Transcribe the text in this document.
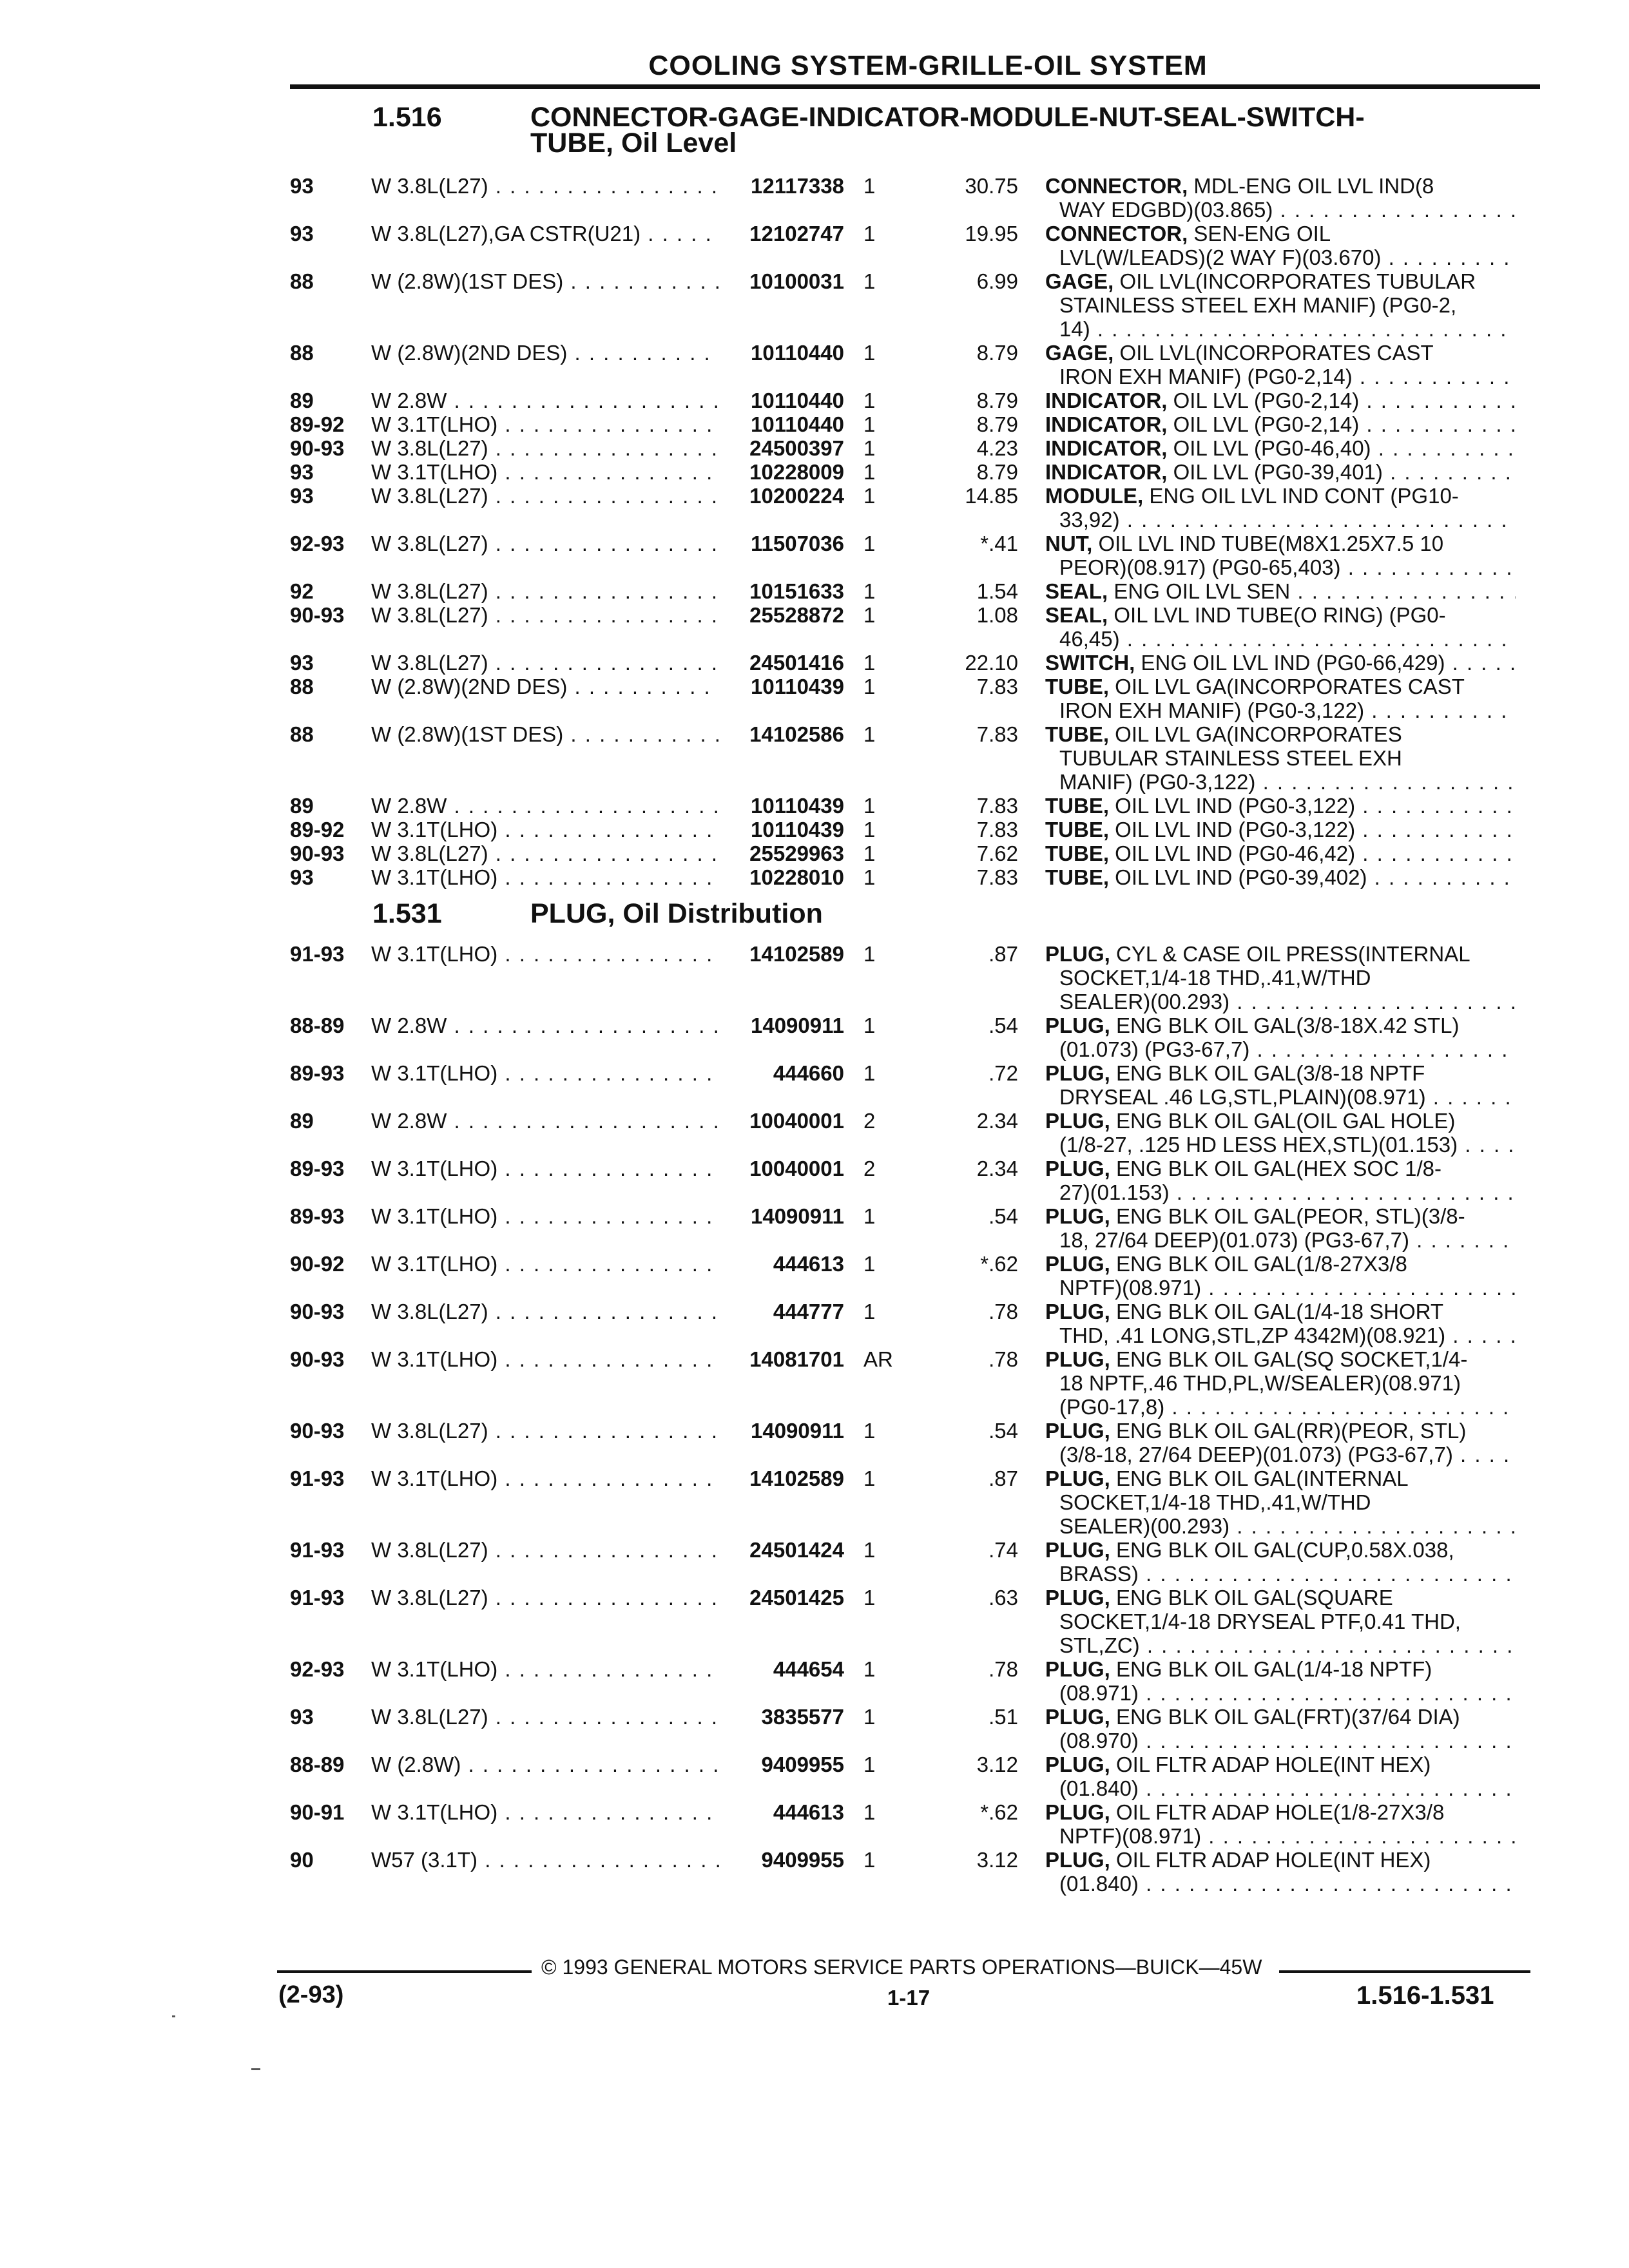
COOLING SYSTEM-GRILLE-OIL SYSTEM
1.516	CONNECTOR-GAGE-INDICATOR-MODULE-NUT-SEAL-SWITCH-
TUBE, Oil Level
1.531	PLUG, Oil Distribution
93	W 3.8L(L27) . . .	12117338 1	30.75 CONNECTOR, MDL-ENG OIL LVL IND(8
WAY EDGBD)(03.865) . . .
93	W 3.8L(L27),GA CSTR(U21) . . .	12102747 1	19.95 CONNECTOR, SEN-ENG OIL
LVL(W/LEADS)(2 WAY F)(03.670) . . .
88	W (2.8W)(1ST DES) . . .	10100031 1	6.99 GAGE, OIL LVL(INCORPORATES TUBULAR
STAINLESS STEEL EXH MANIF) (PG0-2,
14) . . .
88	W (2.8W)(2ND DES) . . .	10110440 1	8.79 GAGE, OIL LVL(INCORPORATES CAST
IRON EXH MANIF) (PG0-2,14) . . .
89	W 2.8W . . .	10110440 1	8.79 INDICATOR, OIL LVL (PG0-2,14) . . .
89-92 W 3.1T(LHO) . . .	10110440 1	8.79 INDICATOR, OIL LVL (PG0-2,14) . . .
90-93 W 3.8L(L27) . . .	24500397 1	4.23 INDICATOR, OIL LVL (PG0-46,40) . . .
93	W 3.1T(LHO) . . .	10228009 1	8.79 INDICATOR, OIL LVL (PG0-39,401) . . .
93	W 3.8L(L27) . . .	10200224 1	14.85 MODULE, ENG OIL LVL IND CONT (PG10-
33,92) . . .
92-93 W 3.8L(L27) . . .	11507036 1	*.41 NUT, OIL LVL IND TUBE(M8X1.25X7.5 10
PEOR)(08.917) (PG0-65,403) . . .
92	W 3.8L(L27) . . .	10151633 1	1.54 SEAL, ENG OIL LVL SEN . . .
90-93 W 3.8L(L27) . . .	25528872 1	1.08 SEAL, OIL LVL IND TUBE(O RING) (PG0-
46,45) . . .
93	W 3.8L(L27) . . .	24501416 1	22.10 SWITCH, ENG OIL LVL IND (PG0-66,429) . . .
88	W (2.8W)(2ND DES) . . .	10110439 1	7.83 TUBE, OIL LVL GA(INCORPORATES CAST
IRON EXH MANIF) (PG0-3,122) . . .
88	W (2.8W)(1ST DES) . . .	14102586 1	7.83 TUBE, OIL LVL GA(INCORPORATES
TUBULAR STAINLESS STEEL EXH
MANIF) (PG0-3,122) . . .
89	W 2.8W . . .	10110439 1	7.83 TUBE, OIL LVL IND (PG0-3,122) . . .
89-92 W 3.1T(LHO) . . .	10110439 1	7.83 TUBE, OIL LVL IND (PG0-3,122) . . .
90-93 W 3.8L(L27) . . .	25529963 1	7.62 TUBE, OIL LVL IND (PG0-46,42) . . .
93	W 3.1T(LHO) . . .	10228010 1	7.83 TUBE, OIL LVL IND (PG0-39,402) . . .
91-93 W 3.1T(LHO) . . .	14102589 1	.87 PLUG, CYL & CASE OIL PRESS(INTERNAL
SOCKET,1/4-18 THD,.41,W/THD
SEALER)(00.293) . . .
88-89 W 2.8W . . .	14090911 1	.54 PLUG, ENG BLK OIL GAL(3/8-18X.42 STL)
(01.073) (PG3-67,7) . . .
89-93 W 3.1T(LHO) . . .	444660 1	.72 PLUG, ENG BLK OIL GAL(3/8-18 NPTF
DRYSEAL .46 LG,STL,PLAIN)(08.971) . . .
89	W 2.8W . . .	10040001 2	2.34 PLUG, ENG BLK OIL GAL(OIL GAL HOLE)
(1/8-27, .125 HD LESS HEX,STL)(01.153) . . .
89-93 W 3.1T(LHO) . . .	10040001 2	2.34 PLUG, ENG BLK OIL GAL(HEX SOC 1/8-
27)(01.153) . . .
89-93 W 3.1T(LHO) . . .	14090911 1	.54 PLUG, ENG BLK OIL GAL(PEOR, STL)(3/8-
18, 27/64 DEEP)(01.073) (PG3-67,7) . . .
90-92 W 3.1T(LHO) . . .	444613 1	*.62 PLUG, ENG BLK OIL GAL(1/8-27X3/8
NPTF)(08.971) . . .
90-93 W 3.8L(L27) . . .	444777 1	.78 PLUG, ENG BLK OIL GAL(1/4-18 SHORT
THD, .41 LONG,STL,ZP 4342M)(08.921) . . .
90-93 W 3.1T(LHO) . . .	14081701 AR	.78 PLUG, ENG BLK OIL GAL(SQ SOCKET,1/4-
18 NPTF,.46 THD,PL,W/SEALER)(08.971)
(PG0-17,8) . . .
90-93 W 3.8L(L27) . . .	14090911 1	.54 PLUG, ENG BLK OIL GAL(RR)(PEOR, STL)
(3/8-18, 27/64 DEEP)(01.073) (PG3-67,7) . . .
91-93 W 3.1T(LHO) . . .	14102589 1	.87 PLUG, ENG BLK OIL GAL(INTERNAL
SOCKET,1/4-18 THD,.41,W/THD
SEALER)(00.293) . . .
91-93 W 3.8L(L27) . . .	24501424 1	.74 PLUG, ENG BLK OIL GAL(CUP,0.58X.038,
BRASS) . . .
91-93 W 3.8L(L27) . . .	24501425 1	.63 PLUG, ENG BLK OIL GAL(SQUARE
SOCKET,1/4-18 DRYSEAL PTF,0.41 THD,
STL,ZC) . . .
92-93 W 3.1T(LHO) . . .	444654 1	.78 PLUG, ENG BLK OIL GAL(1/4-18 NPTF)
(08.971) . . .
93	W 3.8L(L27) . . .	3835577 1	.51 PLUG, ENG BLK OIL GAL(FRT)(37/64 DIA)
(08.970) . . .
88-89 W (2.8W) . . .	9409955 1	3.12 PLUG, OIL FLTR ADAP HOLE(INT HEX)
(01.840) . . .
90-91 W 3.1T(LHO) . . .	444613 1	*.62 PLUG, OIL FLTR ADAP HOLE(1/8-27X3/8
NPTF)(08.971) . . .
90	W57 (3.1T) . . .	9409955 1	3.12 PLUG, OIL FLTR ADAP HOLE(INT HEX)
(01.840) . . .
© 1993 GENERAL MOTORS SERVICE PARTS OPERATIONS—BUICK—45W
(2-93)	1-17	1.516-1.531
